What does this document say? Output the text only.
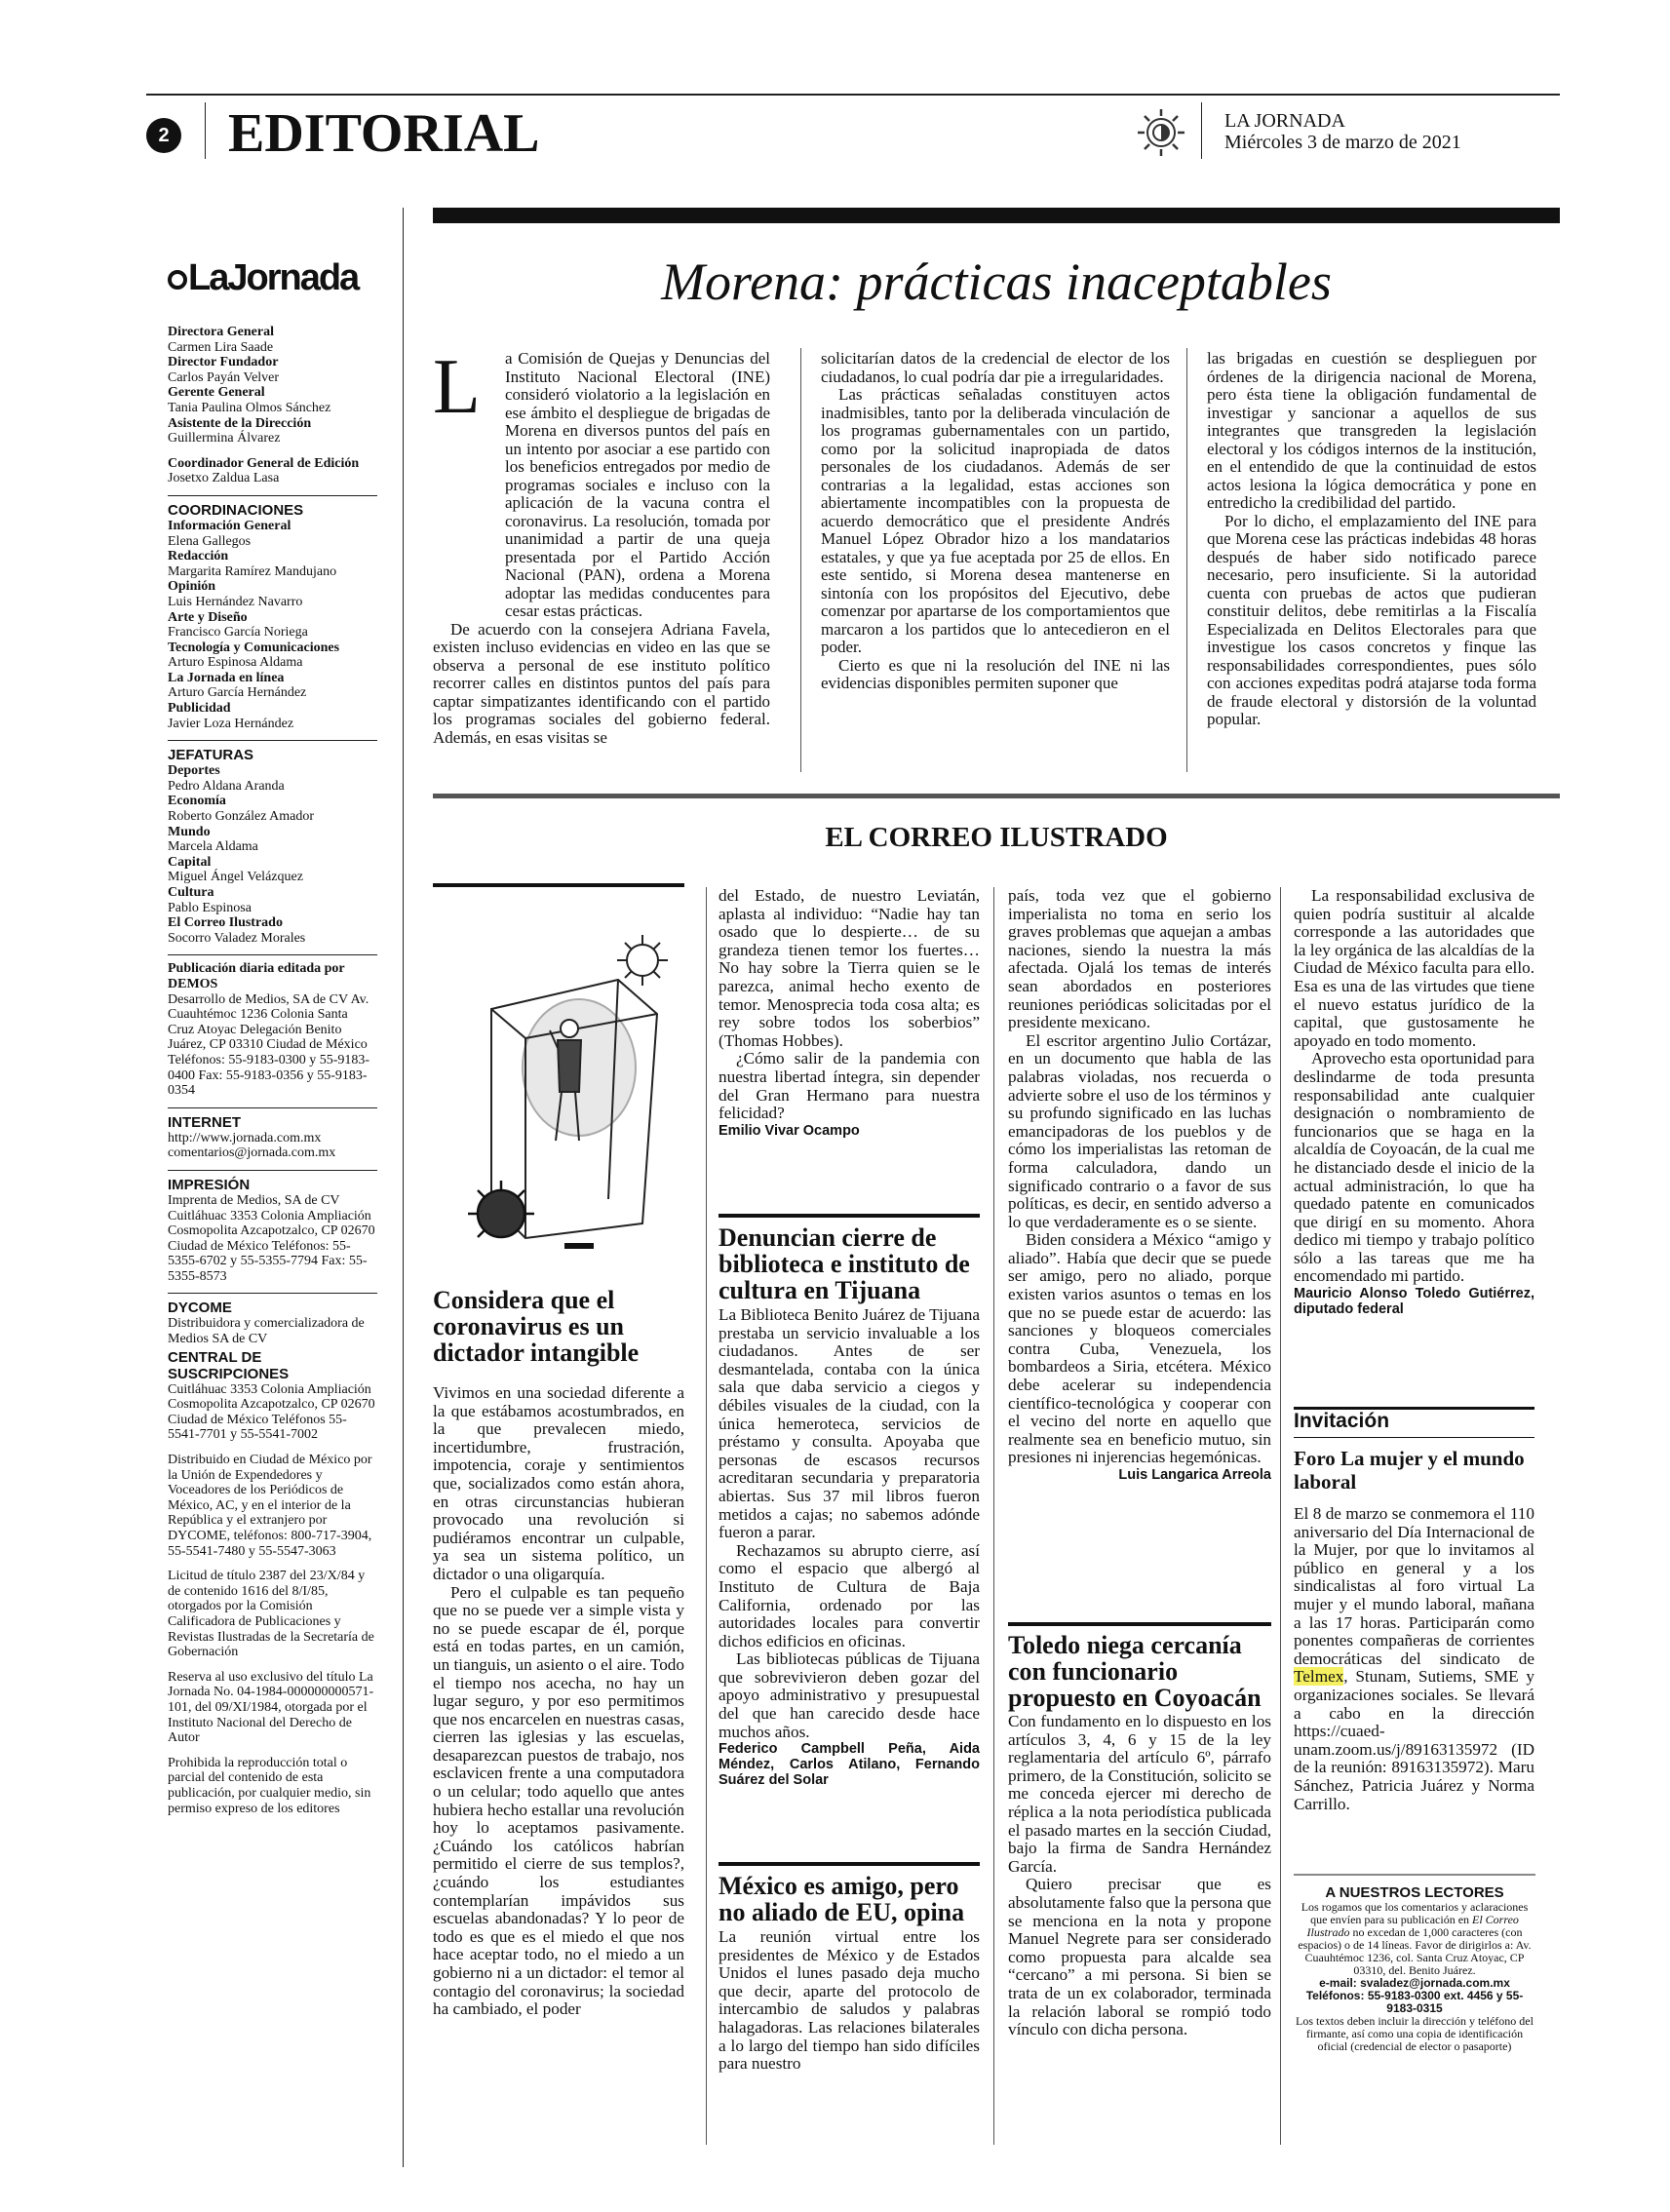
2 EDITORIAL	LA JORNADA
Miércoles 3 de marzo de 2021
LaJornada

Directora General

Carmen Lira Saade

Director Fundador

Carlos Payán Velver

Gerente General

Tania Paulina Olmos Sánchez

Asistente de la Dirección

Guillermina Álvarez

Coordinador General de Edición

Josetxo Zaldua Lasa

COORDINACIONES

Información General

Elena Gallegos

Redacción

Margarita Ramírez Mandujano

Opinión

Luis Hernández Navarro

Arte y Diseño

Francisco García Noriega

Tecnología y Comunicaciones

Arturo Espinosa Aldama

La Jornada en línea

Arturo García Hernández

Publicidad

Javier Loza Hernández

JEFATURAS

Deportes

Pedro Aldana Aranda

Economía

Roberto González Amador

Mundo

Marcela Aldama

Capital

Miguel Ángel Velázquez

Cultura

Pablo Espinosa

El Correo Ilustrado

Socorro Valadez Morales

Publicación diaria editada por DEMOS

Desarrollo de Medios, SA de CV Av. Cuauhtémoc 1236 Colonia Santa Cruz Atoyac Delegación Benito Juárez, CP 03310 Ciudad de México Teléfonos: 55-9183-0300 y 55-9183-0400 Fax: 55-9183-0356 y 55-9183-0354

INTERNET

http://www.jornada.com.mx comentarios@jornada.com.mx

IMPRESIÓN

Imprenta de Medios, SA de CV Cuitláhuac 3353 Colonia Ampliación Cosmopolita Azcapotzalco, CP 02670 Ciudad de México Teléfonos: 55-5355-6702 y 55-5355-7794 Fax: 55-5355-8573

DYCOME

Distribuidora y comercializadora de Medios SA de CV

CENTRAL DE SUSCRIPCIONES

Cuitláhuac 3353 Colonia Ampliación Cosmopolita Azcapotzalco, CP 02670 Ciudad de México Teléfonos 55-5541-7701 y 55-5541-7002

Distribuido en Ciudad de México por la Unión de Expendedores y Voceadores de los Periódicos de México, AC, y en el interior de la República y el extranjero por DYCOME, teléfonos: 800-717-3904, 55-5541-7480 y 55-5547-3063

Licitud de título 2387 del 23/X/84 y de contenido 1616 del 8/I/85, otorgados por la Comisión Calificadora de Publicaciones y Revistas Ilustradas de la Secretaría de Gobernación

Reserva al uso exclusivo del título La Jornada No. 04-1984-000000000571-101, del 09/XI/1984, otorgada por el Instituto Nacional del Derecho de Autor

Prohibida la reproducción total o parcial del contenido de esta publicación, por cualquier medio, sin permiso expreso de los editores

Morena: prácticas inaceptables
L	a Comisión de Quejas y Denuncias del Instituto Nacional Electoral (INE) consideró violatorio a la legislación en ese ámbito el despliegue de brigadas de Morena en diversos puntos del país en un intento por asociar a ese partido con los beneficios entregados por medio de programas sociales e incluso con la aplicación de la vacuna contra el coronavirus. La resolución, tomada por unanimidad a partir de una queja presentada por el Partido Acción Nacional (PAN), ordena a Morena adoptar las medidas conducentes para cesar estas prácticas.

De acuerdo con la consejera Adriana Favela, existen incluso evidencias en video en las que se observa a personal de ese instituto político recorrer calles en distintos puntos del país para captar simpatizantes identificando con el partido los programas sociales del gobierno federal. Además, en esas visitas se

solicitarían datos de la credencial de elector de los ciudadanos, lo cual podría dar pie a irregularidades.

Las prácticas señaladas constituyen actos inadmisibles, tanto por la deliberada vinculación de los programas gubernamentales con un partido, como por la solicitud inapropiada de datos personales de los ciudadanos. Además de ser contrarias a la legalidad, estas acciones son abiertamente incompatibles con la propuesta de acuerdo democrático que el presidente Andrés Manuel López Obrador hizo a los mandatarios estatales, y que ya fue aceptada por 25 de ellos. En este sentido, si Morena desea mantenerse en sintonía con los propósitos del Ejecutivo, debe comenzar por apartarse de los comportamientos que marcaron a los partidos que lo antecedieron en el poder.

Cierto es que ni la resolución del INE ni las evidencias disponibles permiten suponer que

las brigadas en cuestión se desplieguen por órdenes de la dirigencia nacional de Morena, pero ésta tiene la obligación fundamental de investigar y sancionar a aquellos de sus integrantes que transgreden la legislación electoral y los códigos internos de la institución, en el entendido de que la continuidad de estos actos lesiona la lógica democrática y pone en entredicho la credibilidad del partido.

Por lo dicho, el emplazamiento del INE para que Morena cese las prácticas indebidas 48 horas después de haber sido notificado parece necesario, pero insuficiente. Si la autoridad cuenta con pruebas de actos que pudieran constituir delitos, debe remitirlas a la Fiscalía Especializada en Delitos Electorales para que investigue los casos concretos y finque las responsabilidades correspondientes, pues sólo con acciones expeditas podrá atajarse toda forma de fraude electoral y distorsión de la voluntad popular.

EL CORREO ILUSTRADO
Considera que el coronavirus es un dictador intangible

Vivimos en una sociedad diferente a la que estábamos acostumbrados, en la que prevalecen miedo, incertidumbre, frustración, impotencia, coraje y sentimientos que, socializados como están ahora, en otras circunstancias hubieran provocado una revolución si pudiéramos encontrar un culpable, ya sea un sistema político, un dictador o una oligarquía.

Pero el culpable es tan pequeño que no se puede ver a simple vista y no se puede escapar de él, porque está en todas partes, en un camión, un tianguis, un asiento o el aire. Todo el tiempo nos acecha, no hay un lugar seguro, y por eso permitimos que nos encarcelen en nuestras casas, cierren las iglesias y las escuelas, desaparezcan puestos de trabajo, nos esclavicen frente a una computadora o un celular; todo aquello que antes hubiera hecho estallar una revolución hoy lo aceptamos pasivamente. ¿Cuándo los católicos habrían permitido el cierre de sus templos?, ¿cuándo los estudiantes contemplarían impávidos sus escuelas abandonadas? Y lo peor de todo es que es el miedo el que nos hace aceptar todo, no el miedo a un gobierno ni a un dictador: el temor al contagio del coronavirus; la sociedad ha cambiado, el poder

del Estado, de nuestro Leviatán, aplasta al individuo: “Nadie hay tan osado que lo despierte… de su grandeza tienen temor los fuertes… No hay sobre la Tierra quien se le parezca, animal hecho exento de temor. Menosprecia toda cosa alta; es rey sobre todos los soberbios” (Thomas Hobbes).

¿Cómo salir de la pandemia con nuestra libertad íntegra, sin depender del Gran Hermano para nuestra felicidad?

Emilio Vivar Ocampo
Denuncian cierre de biblioteca e instituto de cultura en Tijuana

La Biblioteca Benito Juárez de Tijuana prestaba un servicio invaluable a los ciudadanos. Antes de ser desmantelada, contaba con la única sala que daba servicio a ciegos y débiles visuales de la ciudad, con la única hemeroteca, servicios de préstamo y consulta. Apoyaba que personas de escasos recursos acreditaran secundaria y preparatoria abiertas. Sus 37 mil libros fueron metidos a cajas; no sabemos adónde fueron a parar.

Rechazamos su abrupto cierre, así como el espacio que albergó al Instituto de Cultura de Baja California, ordenado por las autoridades locales para convertir dichos edificios en oficinas.

Las bibliotecas públicas de Tijuana que sobrevivieron deben gozar del apoyo administrativo y presupuestal del que han carecido desde hace muchos años.

Federico Campbell Peña, Aida Méndez, Carlos Atilano, Fernando Suárez del Solar
México es amigo, pero no aliado de EU, opina

La reunión virtual entre los presidentes de México y de Estados Unidos el lunes pasado deja mucho que decir, aparte del protocolo de intercambio de saludos y palabras halagadoras. Las relaciones bilaterales a lo largo del tiempo han sido difíciles para nuestro

país, toda vez que el gobierno imperialista no toma en serio los graves problemas que aquejan a ambas naciones, siendo la nuestra la más afectada. Ojalá los temas de interés sean abordados en posteriores reuniones periódicas solicitadas por el presidente mexicano.

El escritor argentino Julio Cortázar, en un documento que habla de las palabras violadas, nos recuerda o advierte sobre el uso de los términos y su profundo significado en las luchas emancipadoras de los pueblos y de cómo los imperialistas las retoman de forma calculadora, dando un significado contrario o a favor de sus políticas, es decir, en sentido adverso a lo que verdaderamente es o se siente.

Biden considera a México “amigo y aliado”. Había que decir que se puede ser amigo, pero no aliado, porque existen varios asuntos o temas en los que no se puede estar de acuerdo: las sanciones y bloqueos comerciales contra Cuba, Venezuela, los bombardeos a Siria, etcétera. México debe acelerar su independencia científico-tecnológica y cooperar con el vecino del norte en aquello que realmente sea en beneficio mutuo, sin presiones ni injerencias hegemónicas.

Luis Langarica Arreola
Toledo niega cercanía con funcionario propuesto en Coyoacán

Con fundamento en lo dispuesto en los artículos 3, 4, 6 y 15 de la ley reglamentaria del artículo 6º, párrafo primero, de la Constitución, solicito se me conceda ejercer mi derecho de réplica a la nota periodística publicada el pasado martes en la sección Ciudad, bajo la firma de Sandra Hernández García.

Quiero precisar que es absolutamente falso que la persona que se menciona en la nota y propone Manuel Negrete para ser considerado como propuesta para alcalde sea “cercano” a mi persona. Si bien se trata de un ex colaborador, terminada la relación laboral se rompió todo vínculo con dicha persona.

La responsabilidad exclusiva de quien podría sustituir al alcalde corresponde a las autoridades que la ley orgánica de las alcaldías de la Ciudad de México faculta para ello. Esa es una de las virtudes que tiene el nuevo estatus jurídico de la capital, que gustosamente he apoyado en todo momento.

Aprovecho esta oportunidad para deslindarme de toda presunta responsabilidad ante cualquier designación o nombramiento de funcionarios que se haga en la alcaldía de Coyoacán, de la cual me he distanciado desde el inicio de la actual administración, lo que ha quedado patente en comunicados que dirigí en su momento. Ahora dedico mi tiempo y trabajo político sólo a las tareas que me ha encomendado mi partido.

Mauricio Alonso Toledo Gutiérrez, diputado federal
Invitación
Foro La mujer y el mundo laboral

El 8 de marzo se conmemora el 110 aniversario del Día Internacional de la Mujer, por que lo invitamos al público en general y a los sindicalistas al foro virtual La mujer y el mundo laboral, mañana a las 17 horas. Participarán como ponentes compañeras de corrientes democráticas del sindicato de Telmex, Stunam, Sutiems, SME y organizaciones sociales. Se llevará a cabo en la dirección https://cuaed-unam.zoom.us/j/89163135972 (ID de la reunión: 89163135972). Maru Sánchez, Patricia Juárez y Norma Carrillo.

A NUESTROS LECTORES
Los rogamos que los comentarios y aclaraciones que envíen para su publicación en El Correo Ilustrado no excedan de 1,000 caracteres (con espacios) o de 14 líneas. Favor de dirigirlos a: Av. Cuauhtémoc 1236, col. Santa Cruz Atoyac, CP 03310, del. Benito Juárez.
e-mail: svaladez@jornada.com.mx
Teléfonos: 55-9183-0300 ext. 4456 y 55-9183-0315
Los textos deben incluir la dirección y teléfono del firmante, así como una copia de identificación oficial (credencial de elector o pasaporte)
